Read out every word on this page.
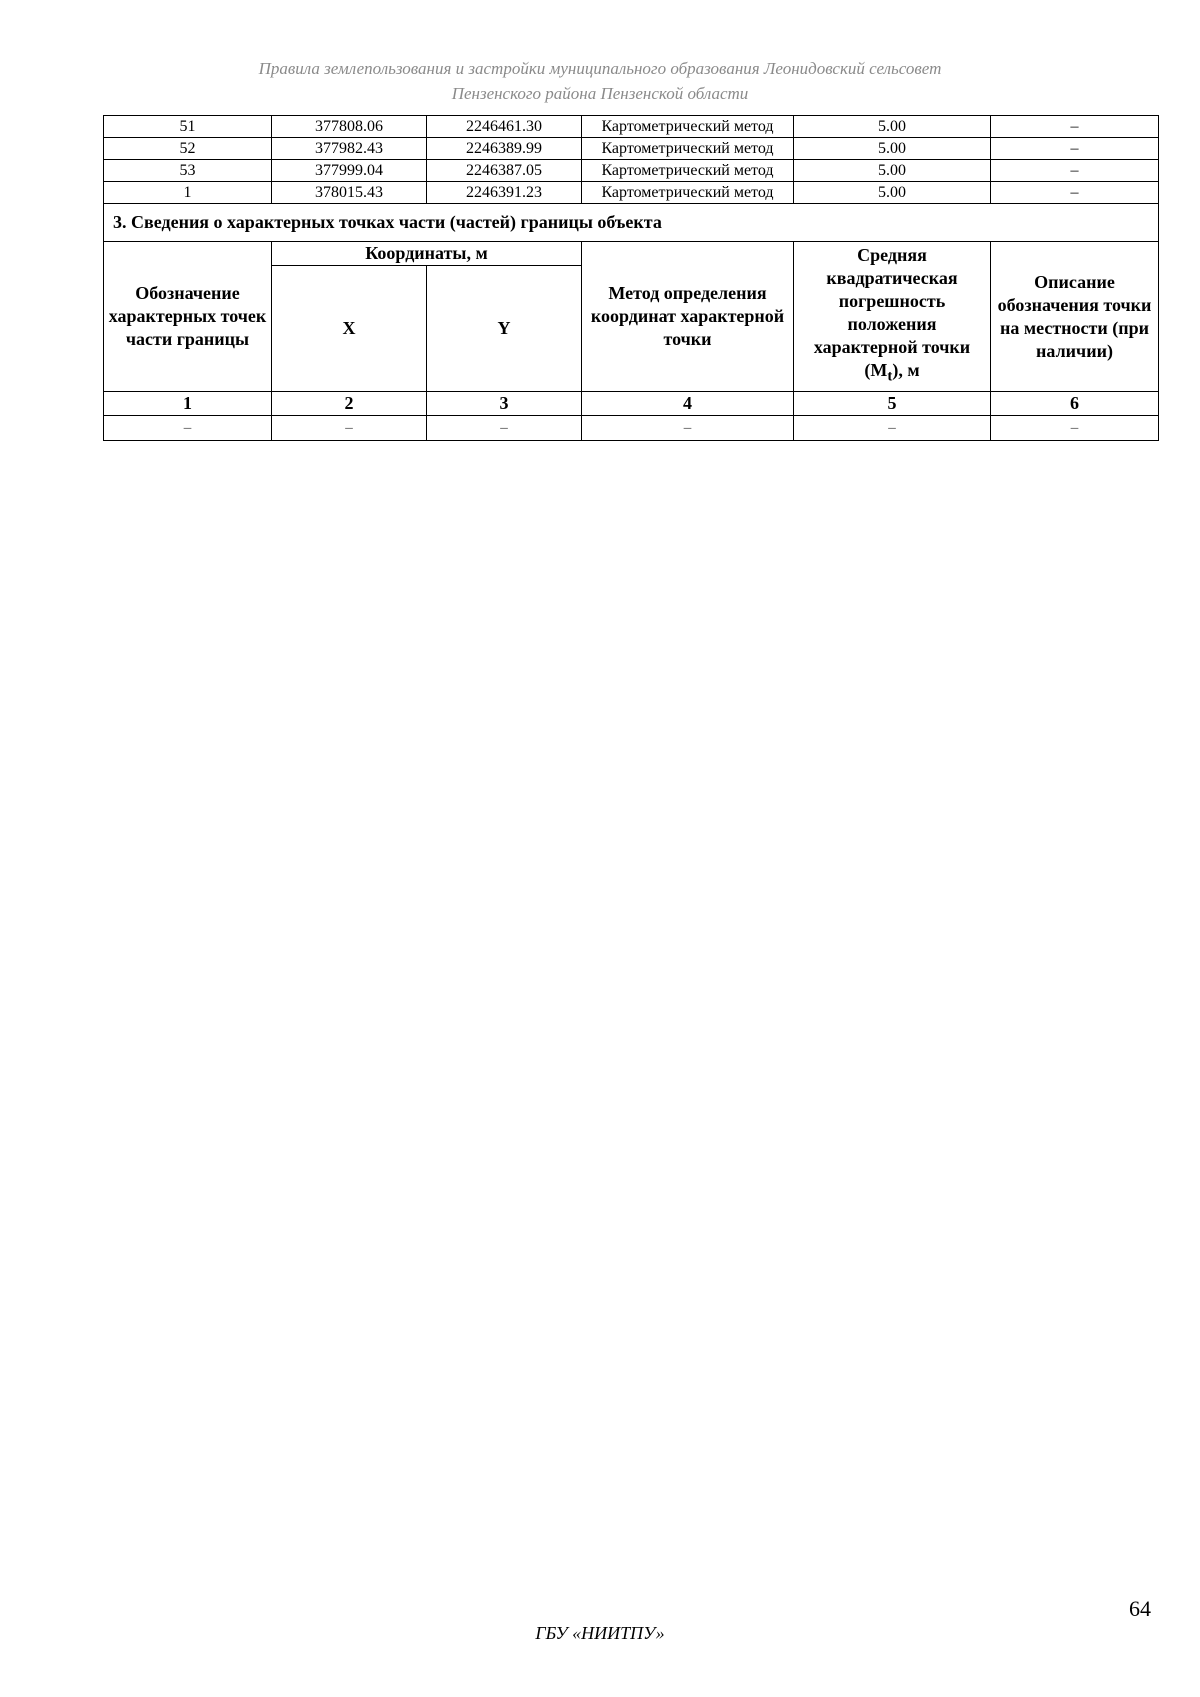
Правила землепользования и застройки муниципального образования Леонидовский сельсовет
Пензенского района Пензенской области
51	377808.06	2246461.30	Картометрический метод	5.00	–
52	377982.43	2246389.99	Картометрический метод	5.00	–
53	377999.04	2246387.05	Картометрический метод	5.00	–
1	378015.43	2246391.23	Картометрический метод	5.00	–
3. Сведения о характерных точках части (частей) границы объекта					
Обозначение характерных точек части границы	Координаты, м		Метод определения координат характерной точки	Средняя квадратическая погрешность положения характерной точки $(M_t)$, м	Описание обозначения точки на местности (при наличии)
	X	Y			
1	2	3	4	5	6
–	–	–	–	–	–
64
ГБУ «НИИТПУ»
